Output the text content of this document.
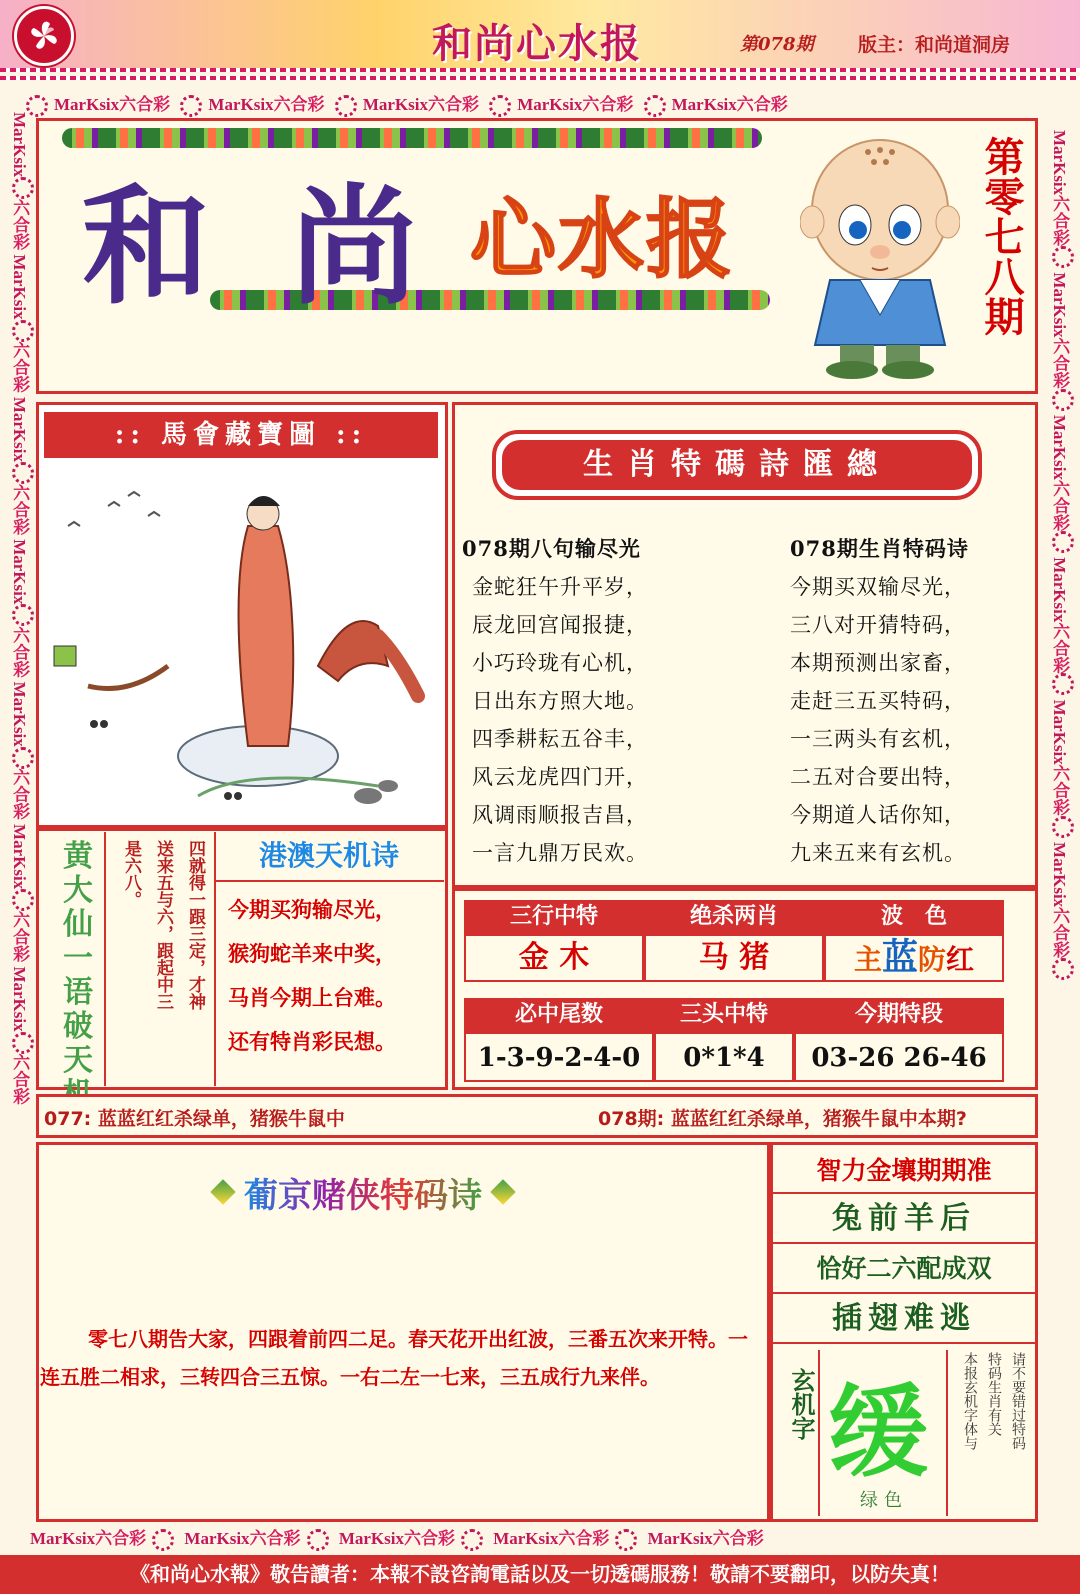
和尚心水报	第078期 版主：和尚道洞房
MarKsix六合彩 MarKsix六合彩 MarKsix六合彩 MarKsix六合彩 MarKsix六合彩
MarKsix六合彩 MarKsix六合彩 MarKsix六合彩 MarKsix六合彩 MarKsix六合彩
MarKsix六合彩 MarKsix六合彩 MarKsix六合彩 MarKsix六合彩 MarKsix六合彩 MarKsix六合彩 MarKsix六合彩
MarKsix六合彩 MarKsix六合彩 MarKsix六合彩 MarKsix六合彩 MarKsix六合彩 MarKsix六合彩
和 尚 心水报	第零七八期
:: 馬會藏寶圖 ::
生肖特碼詩匯總
078期八句输尽光
金蛇狂午升平岁，
辰龙回宫闻报捷，
小巧玲珑有心机，
日出东方照大地。
四季耕耘五谷丰，
风云龙虎四门开，
风调雨顺报吉昌，
一言九鼎万民欢。
078期生肖特码诗
今期买双输尽光，
三八对开猜特码，
本期预测出家畜，
走赶三五买特码，
一三两头有玄机，
二五对合要出特，
今期道人话你知，
九来五来有玄机。
黄大仙一语破天
四就得一跟三定，才神
送来五与六，跟起中三
是六八。	港澳天机诗
今期买狗输尽光，
猴狗蛇羊来中奖，
马肖今期上台难。
还有特肖彩民想。
三行中特	绝杀两肖	波　色
金 木	马 猪	主蓝防红
必中尾数	三头中特	今期特段
1-3-9-2-4-0	0*1*4	03-26 26-46
077: 蓝蓝红红杀绿单，猪猴牛鼠中	078期: 蓝蓝红红杀绿单，猪猴牛鼠中本期?
葡京赌侠特码诗
零七八期告大家，四跟着前四二足。春天花开出红波，三番五次来开特。一连五胜二相求，三转四合三五惊。一右二左一七来，三五成行九来伴。
智力金壤期期准
兔前羊后
恰好二六配成双
插翅难逃
玄机字 缓
绿色
请不要错过特码
特码生肖有关
本报玄机字体与
《和尚心水報》敬告讀者：本報不設咨詢電話以及一切透碼服務！敬請不要翻印，以防失真！
